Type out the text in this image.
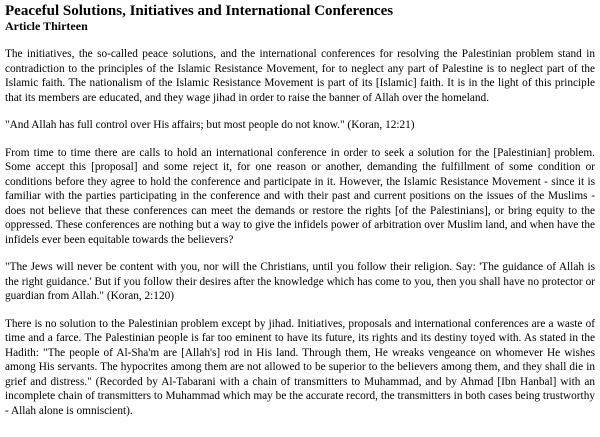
Peaceful Solutions, Initiatives and International Conferences
Article Thirteen

The initiatives, the so-called peace solutions, and the international conferences for resolving the Palestinian problem stand in contradiction to the principles of the Islamic Resistance Movement, for to neglect any part of Palestine is to neglect part of the Islamic faith. The nationalism of the Islamic Resistance Movement is part of its [Islamic] faith. It is in the light of this principle that its members are educated, and they wage jihad in order to raise the banner of Allah over the homeland.

"And Allah has full control over His affairs; but most people do not know." (Koran, 12:21)

From time to time there are calls to hold an international conference in order to seek a solution for the [Palestinian] problem. Some accept this [proposal] and some reject it, for one reason or another, demanding the fulfillment of some condition or conditions before they agree to hold the conference and participate in it. However, the Islamic Resistance Movement - since it is familiar with the parties participating in the conference and with their past and current positions on the issues of the Muslims - does not believe that these conferences can meet the demands or restore the rights [of the Palestinians], or bring equity to the oppressed. These conferences are nothing but a way to give the infidels power of arbitration over Muslim land, and when have the infidels ever been equitable towards the believers?

"The Jews will never be content with you, nor will the Christians, until you follow their religion. Say: 'The guidance of Allah is the right guidance.' But if you follow their desires after the knowledge which has come to you, then you shall have no protector or guardian from Allah." (Koran, 2:120)

There is no solution to the Palestinian problem except by jihad. Initiatives, proposals and international conferences are a waste of time and a farce. The Palestinian people is far too eminent to have its future, its rights and its destiny toyed with. As stated in the Hadith: "The people of Al-Sha'm are [Allah's] rod in His land. Through them, He wreaks vengeance on whomever He wishes among His servants. The hypocrites among them are not allowed to be superior to the believers among them, and they shall die in grief and distress." (Recorded by Al-Tabarani with a chain of transmitters to Muhammad, and by Ahmad [Ibn Hanbal] with an incomplete chain of transmitters to Muhammad which may be the accurate record, the transmitters in both cases being trustworthy - Allah alone is omniscient).
